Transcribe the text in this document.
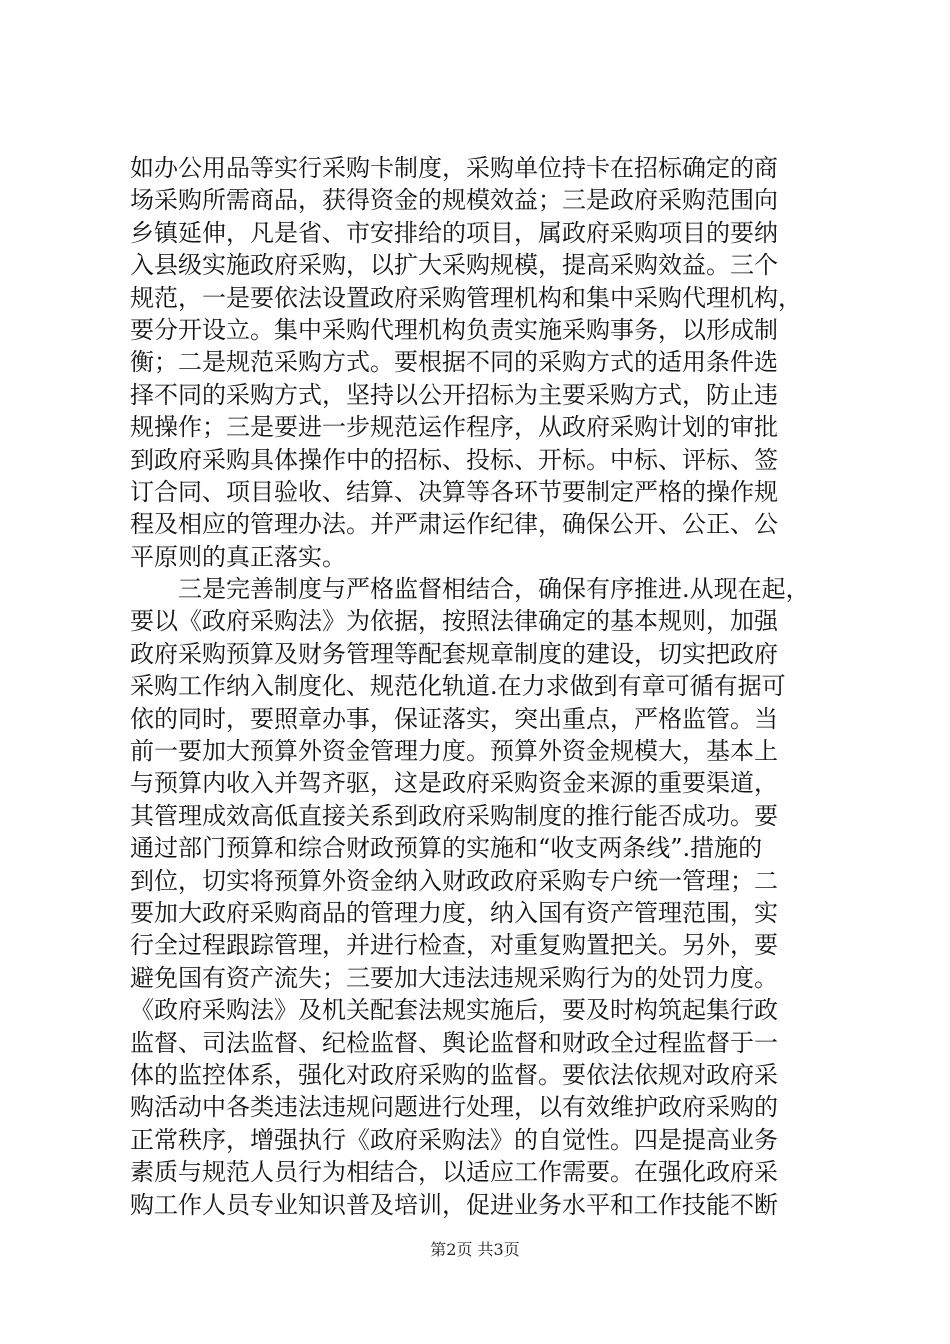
如办公用品等实行采购卡制度，采购单位持卡在招标确定的商
场采购所需商品，获得资金的规模效益；三是政府采购范围向
乡镇延伸，凡是省、市安排给的项目，属政府采购项目的要纳
入县级实施政府采购，以扩大采购规模，提高采购效益。三个
规范，一是要依法设置政府采购管理机构和集中采购代理机构，
要分开设立。集中采购代理机构负责实施采购事务，以形成制
衡；二是规范采购方式。要根据不同的采购方式的适用条件选
择不同的采购方式，坚持以公开招标为主要采购方式，防止违
规操作；三是要进一步规范运作程序，从政府采购计划的审批
到政府采购具体操作中的招标、投标、开标。中标、评标、签
订合同、项目验收、结算、决算等各环节要制定严格的操作规
程及相应的管理办法。并严肃运作纪律，确保公开、公正、公
平原则的真正落实。
　　三是完善制度与严格监督相结合，确保有序推进.从现在起，
要以《政府采购法》为依据，按照法律确定的基本规则，加强
政府采购预算及财务管理等配套规章制度的建设，切实把政府
采购工作纳入制度化、规范化轨道.在力求做到有章可循有据可
依的同时，要照章办事，保证落实，突出重点，严格监管。当
前一要加大预算外资金管理力度。预算外资金规模大，基本上
与预算内收入并驾齐驱，这是政府采购资金来源的重要渠道，
其管理成效高低直接关系到政府采购制度的推行能否成功。要
通过部门预算和综合财政预算的实施和“收支两条线”.措施的
到位，切实将预算外资金纳入财政政府采购专户统一管理；二
要加大政府采购商品的管理力度，纳入国有资产管理范围，实
行全过程跟踪管理，并进行检查，对重复购置把关。另外，要
避免国有资产流失；三要加大违法违规采购行为的处罚力度。
《政府采购法》及机关配套法规实施后，要及时构筑起集行政
监督、司法监督、纪检监督、舆论监督和财政全过程监督于一
体的监控体系，强化对政府采购的监督。要依法依规对政府采
购活动中各类违法违规问题进行处理，以有效维护政府采购的
正常秩序，增强执行《政府采购法》的自觉性。四是提高业务
素质与规范人员行为相结合，以适应工作需要。在强化政府采
购工作人员专业知识普及培训，促进业务水平和工作技能不断
第2页 共3页
